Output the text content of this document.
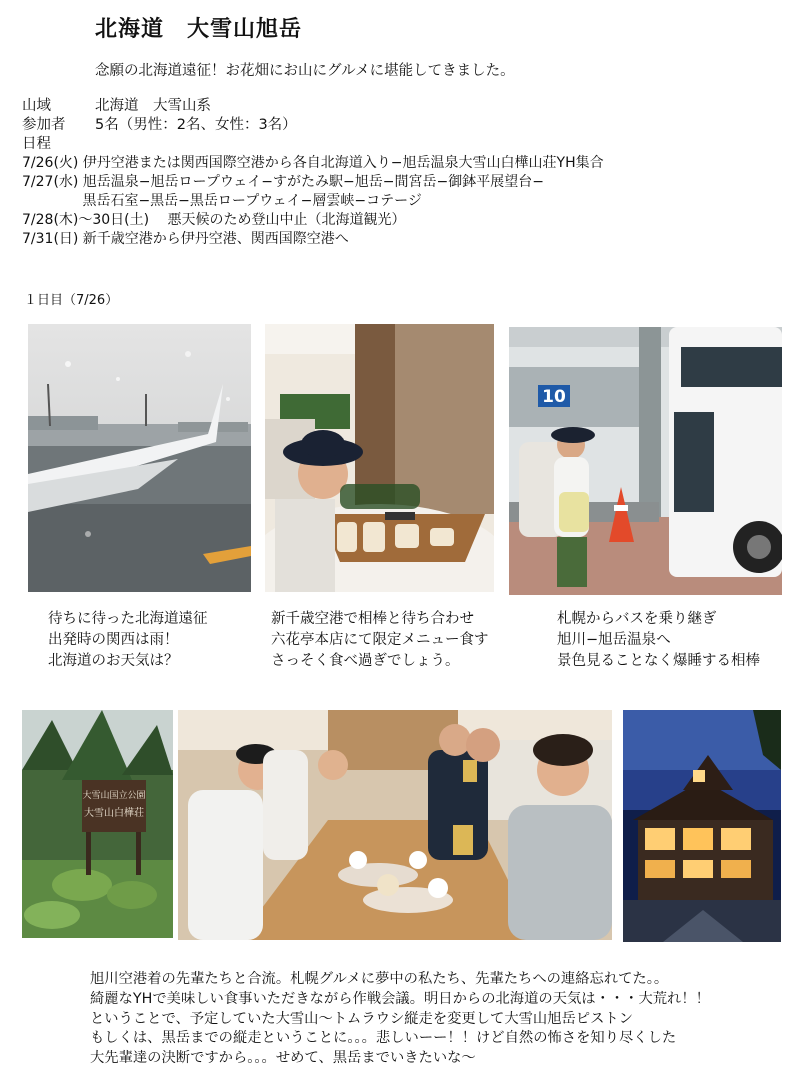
北海道　大雪山旭岳
念願の北海道遠征！お花畑にお山にグルメに堪能してきました。
山域	北海道　大雪山系
参加者 5名（男性：2名、女性：3名）
日程
7/26(火) 伊丹空港または関西国際空港から各自北海道入り−旭岳温泉大雪山白樺山荘YH集合
7/27(水) 旭岳温泉−旭岳ロープウェイ−すがたみ駅−旭岳−間宮岳−御鉢平展望台−
　　　　 黒岳石室−黒岳−黒岳ロープウェイ−層雲峡−コテージ
7/28(木)～30日(土)　 悪天候のため登山中止（北海道観光）
7/31(日) 新千歳空港から伊丹空港、関西国際空港へ
１日目（7/26）
10
待ちに待った北海道遠征
出発時の関西は雨！
北海道のお天気は？
新千歳空港で相棒と待ち合わせ
六花亭本店にて限定メニュー食す
さっそく食べ過ぎでしょう。
札幌からバスを乗り継ぎ
旭川−旭岳温泉へ
景色見ることなく爆睡する相棒
大雪山国立公園
大雪山白樺荘
旭川空港着の先輩たちと合流。札幌グルメに夢中の私たち、先輩たちへの連絡忘れてた。。
綺麗なYHで美味しい食事いただきながら作戦会議。明日からの北海道の天気は・・・大荒れ！！
ということで、予定していた大雪山～トムラウシ縦走を変更して大雪山旭岳ピストン
もしくは、黒岳までの縦走ということに。。。悲しいーー！！けど自然の怖さを知り尽くした
大先輩達の決断ですから。。。せめて、黒岳までいきたいな～
